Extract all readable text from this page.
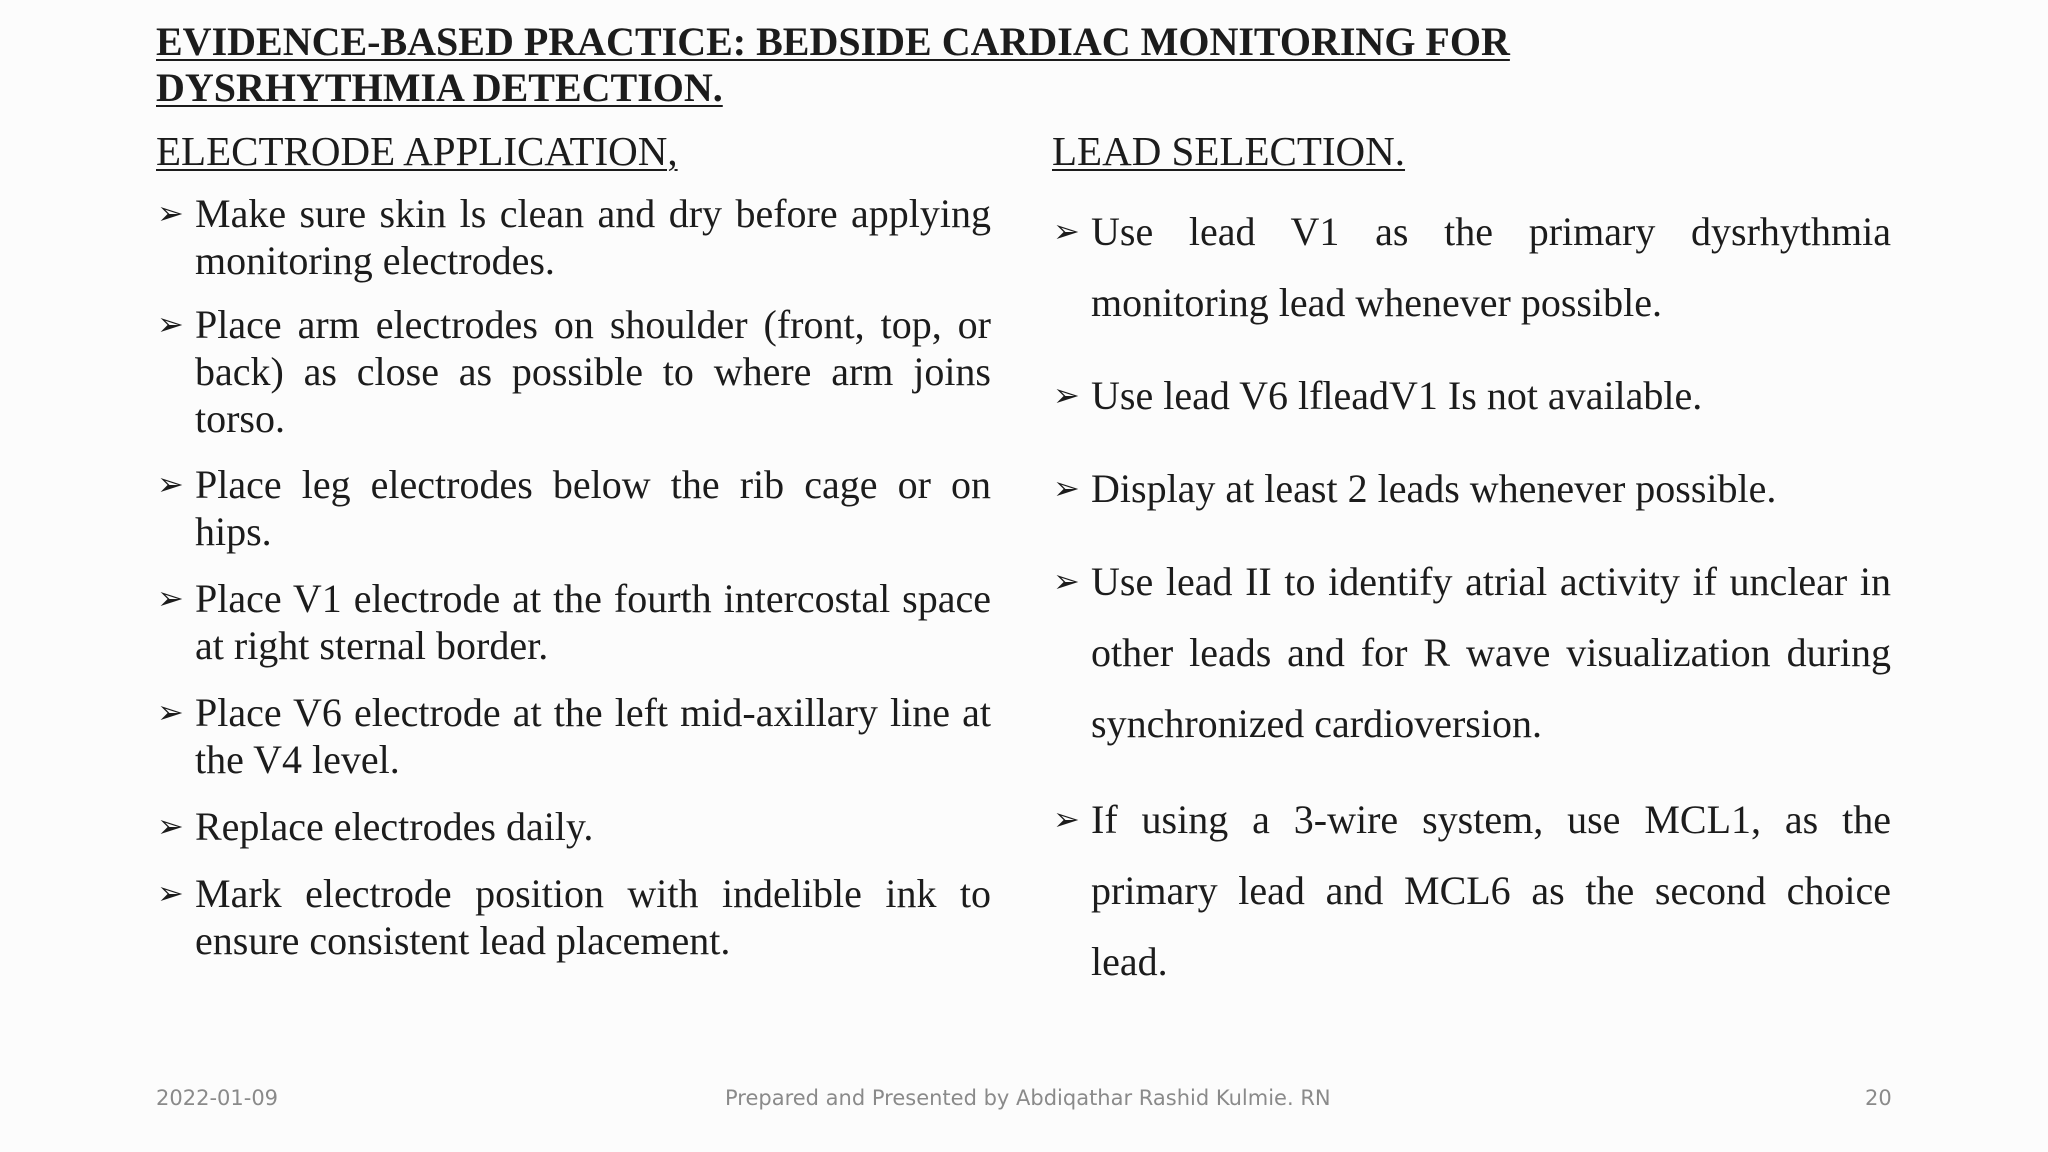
EVIDENCE-BASED PRACTICE: BEDSIDE CARDIAC MONITORING FOR
DYSRHYTHMIA DETECTION.
ELECTRODE APPLICATION,
➢ Make sure skin ls clean and dry before applying monitoring electrodes.
➢ Place arm electrodes on shoulder (front, top, or back) as close as possible to where arm joins torso.
➢ Place leg electrodes below the rib cage or on hips.
➢ Place V1 electrode at the fourth intercostal space at right sternal border.
➢ Place V6 electrode at the left mid-axillary line at the V4 level.
➢ Replace electrodes daily.
➢ Mark electrode position with indelible ink to ensure consistent lead placement.
LEAD SELECTION.
➢ Use lead V1 as the primary dysrhythmia monitoring lead whenever possible.
➢ Use lead V6 lfleadV1 Is not available.
➢ Display at least 2 leads whenever possible.
➢ Use lead II to identify atrial activity if unclear in other leads and for R wave visualization during synchronized cardioversion.
➢ If using a 3-wire system, use MCL1, as the primary lead and MCL6 as the second choice lead.
2022-01-09	Prepared and Presented by Abdiqathar Rashid Kulmie. RN	20
